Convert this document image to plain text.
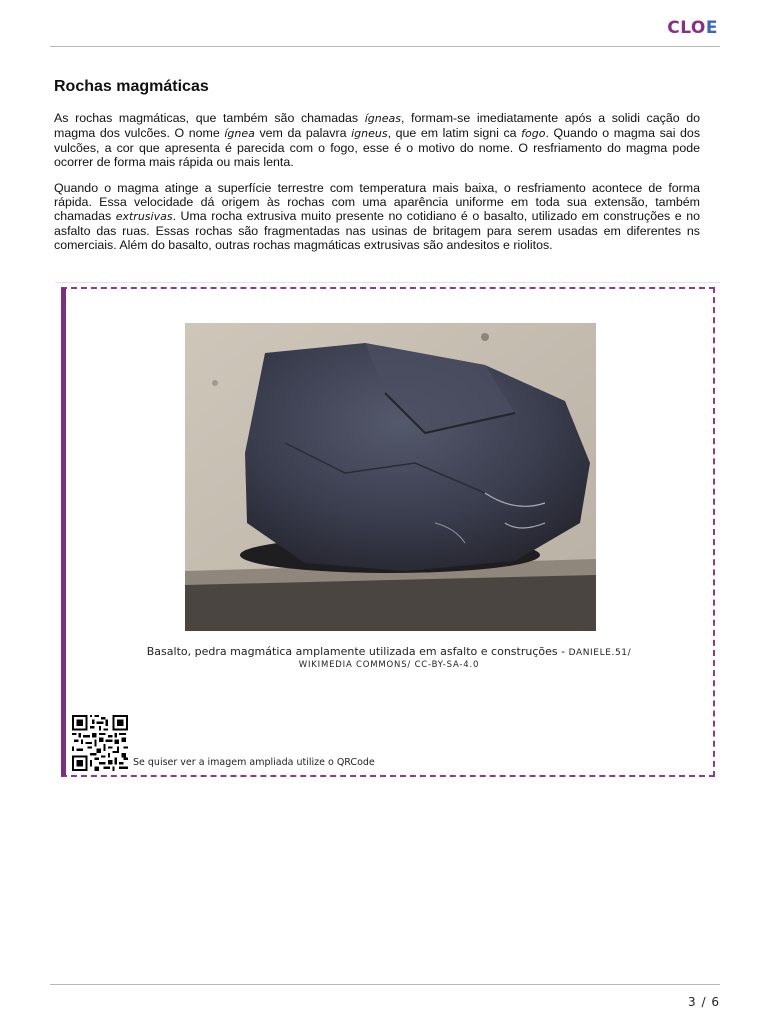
CLOE
Rochas magmáticas

As rochas magmáticas, que também são chamadas ígneas, formam-se imediatamente após a solidi cação do magma dos vulcões. O nome ígnea vem da palavra igneus, que em latim signi ca fogo. Quando o magma sai dos vulcões, a cor que apresenta é parecida com o fogo, esse é o motivo do nome. O resfriamento do magma pode ocorrer de forma mais rápida ou mais lenta.

Quando o magma atinge a superfície terrestre com temperatura mais baixa, o resfriamento acontece de forma rápida. Essa velocidade dá origem às rochas com uma aparência uniforme em toda sua extensão, também chamadas extrusivas. Uma rocha extrusiva muito presente no cotidiano é o basalto, utilizado em construções e no asfalto das ruas. Essas rochas são fragmentadas nas usinas de britagem para serem usadas em diferentes ns comerciais. Além do basalto, outras rochas magmáticas extrusivas são andesitos e riolitos.

Basalto, pedra magmática amplamente utilizada em asfalto e construções - DANIELE.51/
WIKIMEDIA COMMONS/ CC-BY-SA-4.0

Se quiser ver a imagem ampliada utilize o QRCode

3 / 6
